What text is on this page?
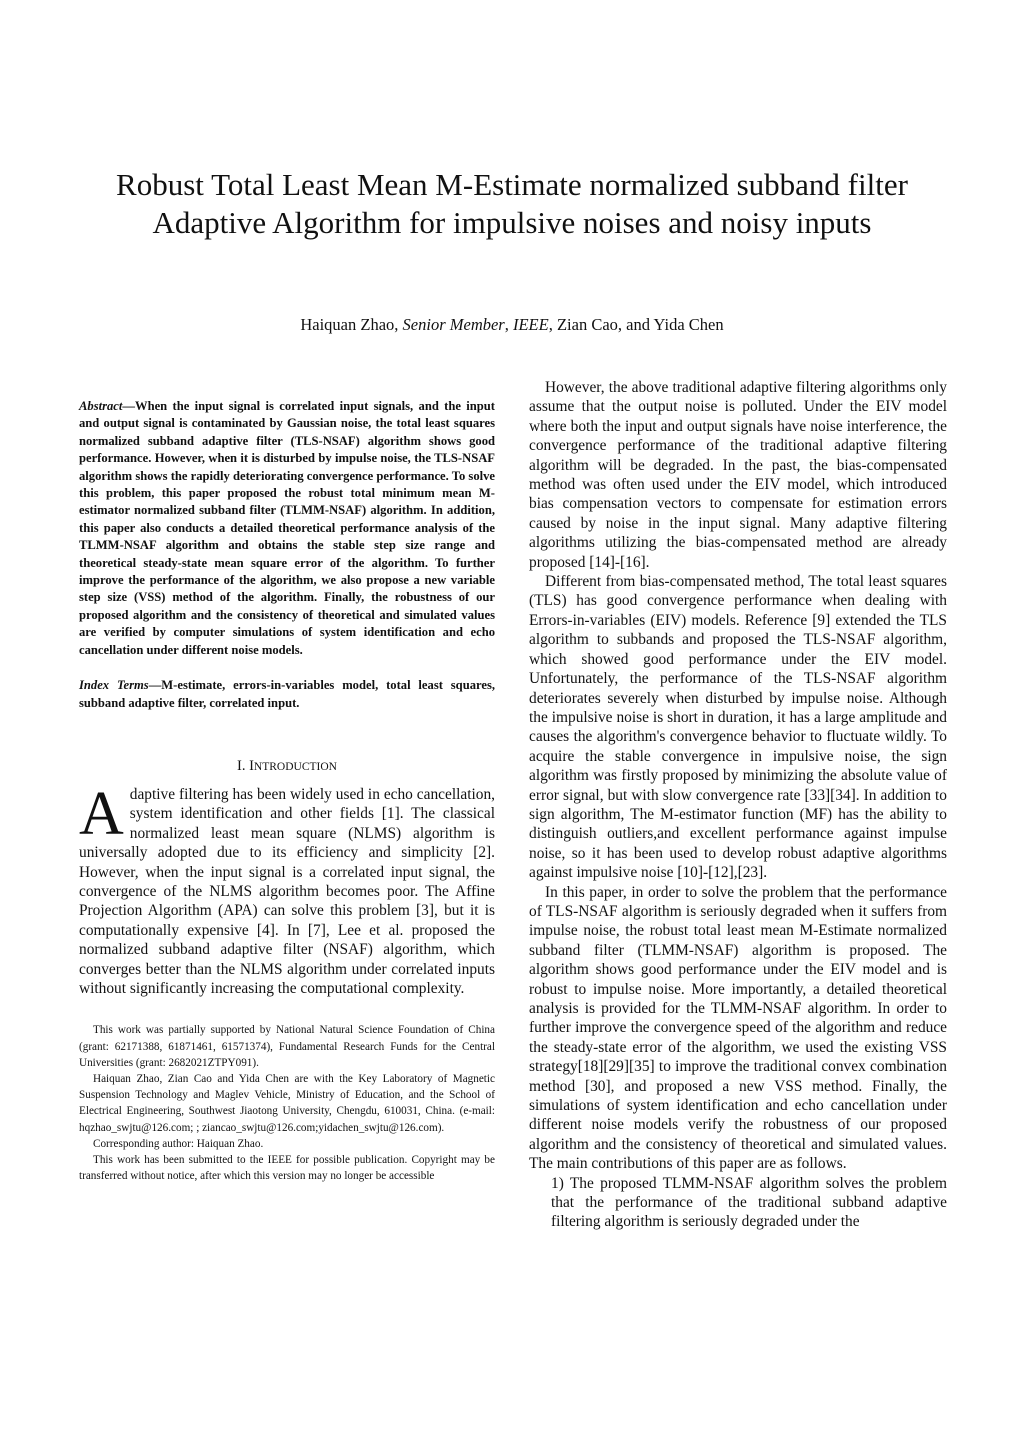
Robust Total Least Mean M-Estimate normalized subband filter Adaptive Algorithm for impulsive noises and noisy inputs
Haiquan Zhao, Senior Member, IEEE, Zian Cao, and Yida Chen

Abstract—When the input signal is correlated input signals, and the input and output signal is contaminated by Gaussian noise, the total least squares normalized subband adaptive filter (TLS-NSAF) algorithm shows good performance. However, when it is disturbed by impulse noise, the TLS-NSAF algorithm shows the rapidly deteriorating convergence performance. To solve this problem, this paper proposed the robust total minimum mean M-estimator normalized subband filter (TLMM-NSAF) algorithm. In addition, this paper also conducts a detailed theoretical performance analysis of the TLMM-NSAF algorithm and obtains the stable step size range and theoretical steady-state mean square error of the algorithm. To further improve the performance of the algorithm, we also propose a new variable step size (VSS) method of the algorithm. Finally, the robustness of our proposed algorithm and the consistency of theoretical and simulated values are verified by computer simulations of system identification and echo cancellation under different noise models.

Index Terms—M-estimate, errors-in-variables model, total least squares, subband adaptive filter, correlated input.

I. INTRODUCTION

Adaptive filtering has been widely used in echo cancellation, system identification and other fields [1]. The classical normalized least mean square (NLMS) algorithm is universally adopted due to its efficiency and simplicity [2]. However, when the input signal is a correlated input signal, the convergence of the NLMS algorithm becomes poor. The Affine Projection Algorithm (APA) can solve this problem [3], but it is computationally expensive [4]. In [7], Lee et al. proposed the normalized subband adaptive filter (NSAF) algorithm, which converges better than the NLMS algorithm under correlated inputs without significantly increasing the computational complexity.

This work was partially supported by National Natural Science Foundation of China (grant: 62171388, 61871461, 61571374), Fundamental Research Funds for the Central Universities (grant: 2682021ZTPY091).

Haiquan Zhao, Zian Cao and Yida Chen are with the Key Laboratory of Magnetic Suspension Technology and Maglev Vehicle, Ministry of Education, and the School of Electrical Engineering, Southwest Jiaotong University, Chengdu, 610031, China. (e-mail: hqzhao_swjtu@126.com; ; ziancao_swjtu@126.com;yidachen_swjtu@126.com).

Corresponding author: Haiquan Zhao.

This work has been submitted to the IEEE for possible publication. Copyright may be transferred without notice, after which this version may no longer be accessible

However, the above traditional adaptive filtering algorithms only assume that the output noise is polluted. Under the EIV model where both the input and output signals have noise interference, the convergence performance of the traditional adaptive filtering algorithm will be degraded. In the past, the bias-compensated method was often used under the EIV model, which introduced bias compensation vectors to compensate for estimation errors caused by noise in the input signal. Many adaptive filtering algorithms utilizing the bias-compensated method are already proposed [14]-[16].

Different from bias-compensated method, The total least squares (TLS) has good convergence performance when dealing with Errors-in-variables (EIV) models. Reference [9] extended the TLS algorithm to subbands and proposed the TLS-NSAF algorithm, which showed good performance under the EIV model. Unfortunately, the performance of the TLS-NSAF algorithm deteriorates severely when disturbed by impulse noise. Although the impulsive noise is short in duration, it has a large amplitude and causes the algorithm's convergence behavior to fluctuate wildly. To acquire the stable convergence in impulsive noise, the sign algorithm was firstly proposed by minimizing the absolute value of error signal, but with slow convergence rate [33][34]. In addition to sign algorithm, The M-estimator function (MF) has the ability to distinguish outliers,and excellent performance against impulse noise, so it has been used to develop robust adaptive algorithms against impulsive noise [10]-[12],[23].

In this paper, in order to solve the problem that the performance of TLS-NSAF algorithm is seriously degraded when it suffers from impulse noise, the robust total least mean M-Estimate normalized subband filter (TLMM-NSAF) algorithm is proposed. The algorithm shows good performance under the EIV model and is robust to impulse noise. More importantly, a detailed theoretical analysis is provided for the TLMM-NSAF algorithm. In order to further improve the convergence speed of the algorithm and reduce the steady-state error of the algorithm, we used the existing VSS strategy[18][29][35] to improve the traditional convex combination method [30], and proposed a new VSS method. Finally, the simulations of system identification and echo cancellation under different noise models verify the robustness of our proposed algorithm and the consistency of theoretical and simulated values. The main contributions of this paper are as follows.

1) The proposed TLMM-NSAF algorithm solves the problem that the performance of the traditional subband adaptive filtering algorithm is seriously degraded under the
